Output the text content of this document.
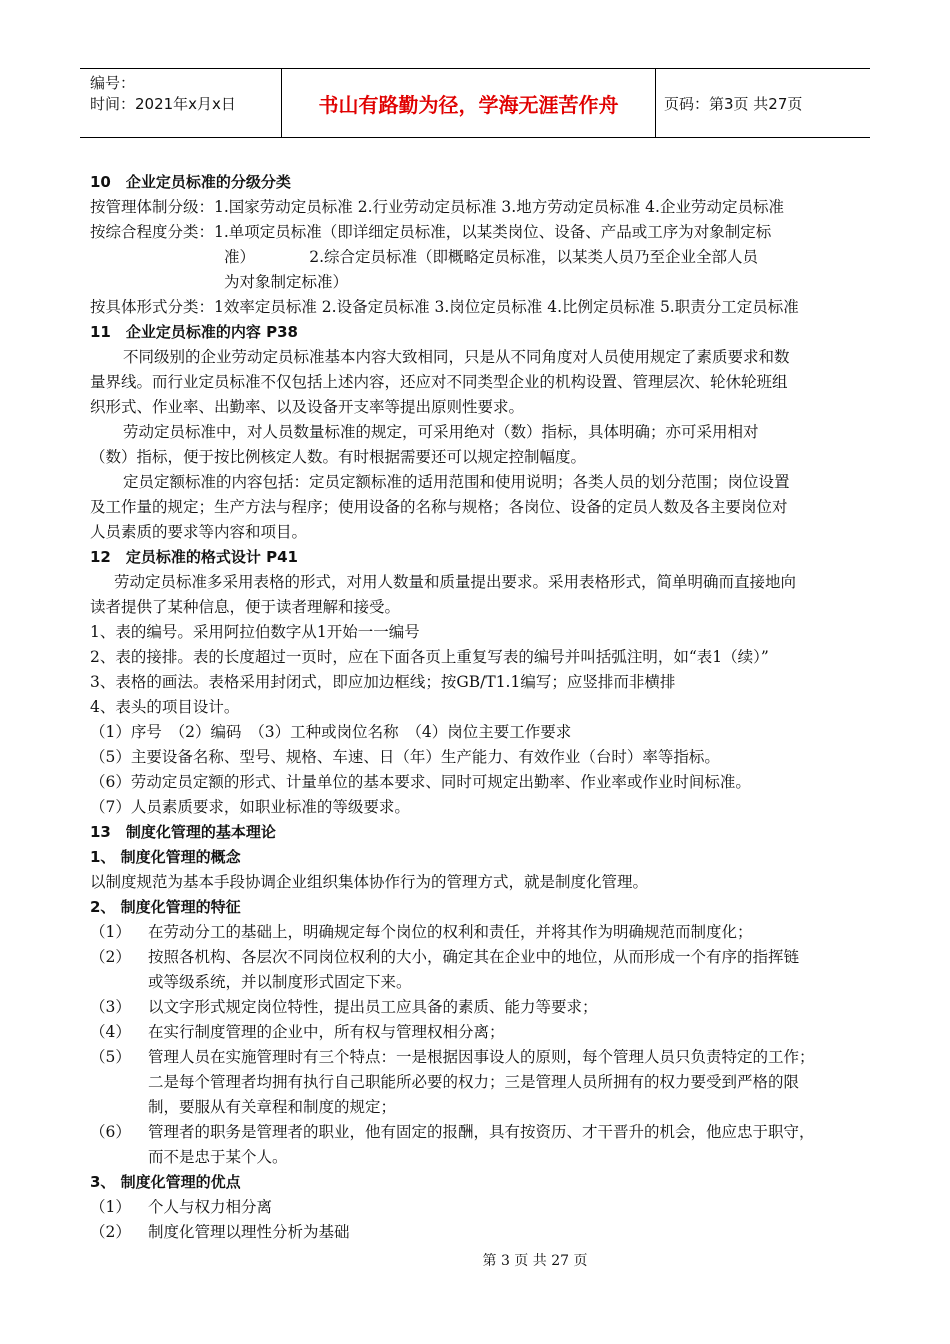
编号：
时间：2021年x月x日	书山有路勤为径，学海无涯苦作舟	页码：第3页 共27页
10　企业定员标准的分级分类
按管理体制分级：1.国家劳动定员标准 2.行业劳动定员标准 3.地方劳动定员标准 4.企业劳动定员标准
按综合程度分类：1.单项定员标准（即详细定员标准，以某类岗位、设备、产品或工序为对象制定标
准）　　　　2.综合定员标准（即概略定员标准，以某类人员乃至企业全部人员
为对象制定标准）
按具体形式分类：1效率定员标准 2.设备定员标准 3.岗位定员标准 4.比例定员标准 5.职责分工定员标准
11　企业定员标准的内容 P38
不同级别的企业劳动定员标准基本内容大致相同，只是从不同角度对人员使用规定了素质要求和数
量界线。而行业定员标准不仅包括上述内容，还应对不同类型企业的机构设置、管理层次、轮休轮班组
织形式、作业率、出勤率、以及设备开支率等提出原则性要求。
劳动定员标准中，对人员数量标准的规定，可采用绝对（数）指标，具体明确；亦可采用相对
（数）指标，便于按比例核定人数。有时根据需要还可以规定控制幅度。
定员定额标准的内容包括：定员定额标准的适用范围和使用说明；各类人员的划分范围；岗位设置
及工作量的规定；生产方法与程序；使用设备的名称与规格；各岗位、设备的定员人数及各主要岗位对
人员素质的要求等内容和项目。
12　定员标准的格式设计 P41
劳动定员标准多采用表格的形式，对用人数量和质量提出要求。采用表格形式，简单明确而直接地向
读者提供了某种信息，便于读者理解和接受。
1、表的编号。采用阿拉伯数字从1开始一一编号
2、表的接排。表的长度超过一页时，应在下面各页上重复写表的编号并叫括弧注明，如“表1（续）”
3、表格的画法。表格采用封闭式，即应加边框线；按GB/T1.1编写；应竖排而非横排
4、表头的项目设计。
（1）序号　（2）编码　（3）工种或岗位名称　（4）岗位主要工作要求
（5）主要设备名称、型号、规格、车速、日（年）生产能力、有效作业（台时）率等指标。
（6）劳动定员定额的形式、计量单位的基本要求、同时可规定出勤率、作业率或作业时间标准。
（7）人员素质要求，如职业标准的等级要求。
13　制度化管理的基本理论
1、 制度化管理的概念
以制度规范为基本手段协调企业组织集体协作行为的管理方式，就是制度化管理。
2、 制度化管理的特征
（1） 在劳动分工的基础上，明确规定每个岗位的权利和责任，并将其作为明确规范而制度化；
（2） 按照各机构、各层次不同岗位权利的大小，确定其在企业中的地位，从而形成一个有序的指挥链
或等级系统，并以制度形式固定下来。
（3） 以文字形式规定岗位特性，提出员工应具备的素质、能力等要求；
（4） 在实行制度管理的企业中，所有权与管理权相分离；
（5） 管理人员在实施管理时有三个特点：一是根据因事设人的原则，每个管理人员只负责特定的工作；
二是每个管理者均拥有执行自己职能所必要的权力；三是管理人员所拥有的权力要受到严格的限
制，要服从有关章程和制度的规定；
（6） 管理者的职务是管理者的职业，他有固定的报酬，具有按资历、才干晋升的机会，他应忠于职守，
而不是忠于某个人。
3、 制度化管理的优点
（1） 个人与权力相分离
（2） 制度化管理以理性分析为基础
第 3 页 共 27 页
